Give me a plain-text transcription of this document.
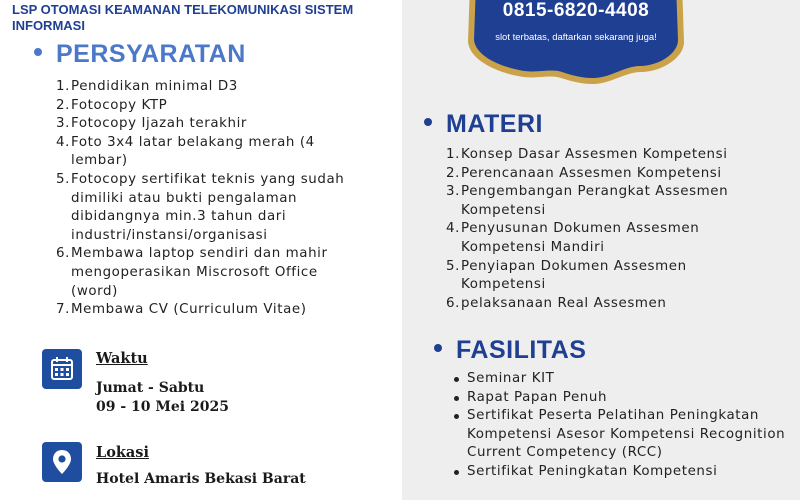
LSP OTOMASI KEAMANAN TELEKOMUNIKASI SISTEM INFORMASI
PERSYARATAN
1. Pendidikan minimal D3
2. Fotocopy KTP
3. Fotocopy Ijazah terakhir
4. Foto 3x4 latar belakang merah (4 lembar)
5. Fotocopy sertifikat teknis yang sudah dimiliki atau bukti pengalaman dibidangnya min.3 tahun dari industri/instansi/organisasi
6. Membawa laptop sendiri dan mahir mengoperasikan Miscrosoft Office (word)
7. Membawa CV (Curriculum Vitae)
Waktu
Jumat - Sabtu
09 - 10 Mei 2025
Lokasi
Hotel Amaris Bekasi Barat
0815-6820-4408
slot terbatas, daftarkan sekarang juga!
MATERI
1. Konsep Dasar Assesmen Kompetensi
2. Perencanaan Assesmen Kompetensi
3. Pengembangan Perangkat Assesmen Kompetensi
4. Penyusunan Dokumen Assesmen Kompetensi Mandiri
5. Penyiapan Dokumen Assesmen Kompetensi
6. pelaksanaan Real Assesmen
FASILITAS
Seminar KIT
Rapat Papan Penuh
Sertifikat Peserta Pelatihan Peningkatan Kompetensi Asesor Kompetensi Recognition Current Competency (RCC)
Sertifikat Peningkatan Kompetensi
